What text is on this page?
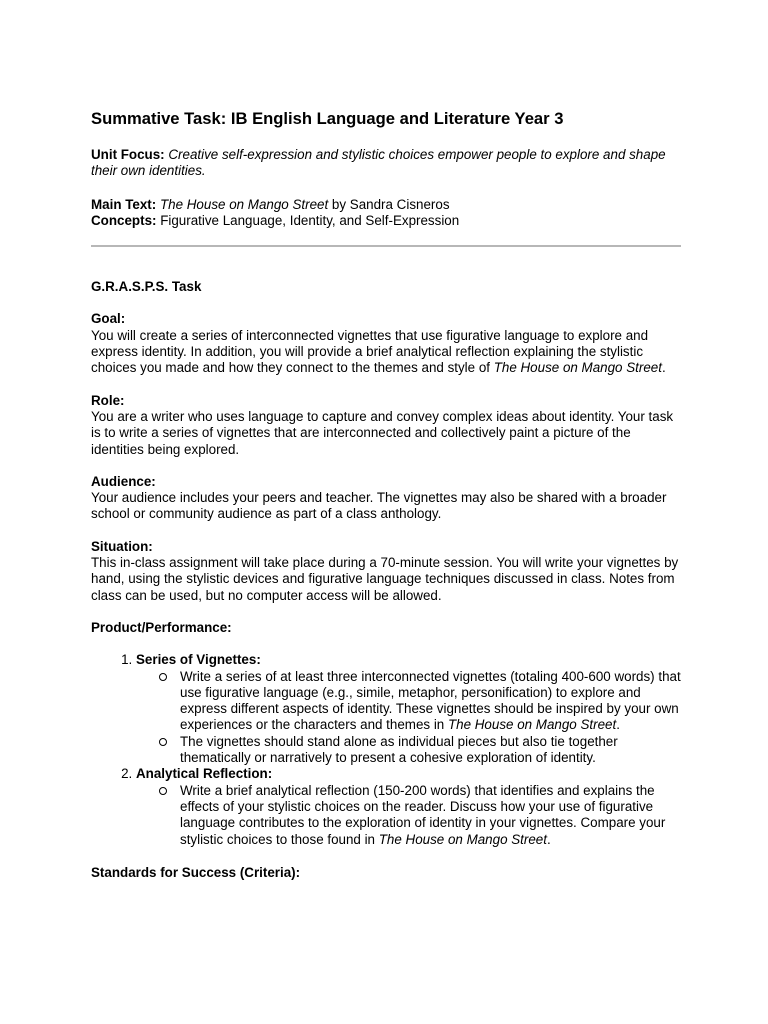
Summative Task: IB English Language and Literature Year 3

Unit Focus: Creative self-expression and stylistic choices empower people to explore and shape their own identities.

Main Text: The House on Mango Street by Sandra Cisneros

Concepts: Figurative Language, Identity, and Self-Expression

G.R.A.S.P.S. Task

Goal:

You will create a series of interconnected vignettes that use figurative language to explore and express identity. In addition, you will provide a brief analytical reflection explaining the stylistic choices you made and how they connect to the themes and style of The House on Mango Street.

Role:

You are a writer who uses language to capture and convey complex ideas about identity. Your task is to write a series of vignettes that are interconnected and collectively paint a picture of the identities being explored.

Audience:

Your audience includes your peers and teacher. The vignettes may also be shared with a broader school or community audience as part of a class anthology.

Situation:

This in-class assignment will take place during a 70-minute session. You will write your vignettes by hand, using the stylistic devices and figurative language techniques discussed in class. Notes from class can be used, but no computer access will be allowed.

Product/Performance:

1. Series of Vignettes:
Write a series of at least three interconnected vignettes (totaling 400-600 words) that use figurative language (e.g., simile, metaphor, personification) to explore and express different aspects of identity. These vignettes should be inspired by your own experiences or the characters and themes in The House on Mango Street.
The vignettes should stand alone as individual pieces but also tie together thematically or narratively to present a cohesive exploration of identity.
2. Analytical Reflection:
Write a brief analytical reflection (150-200 words) that identifies and explains the effects of your stylistic choices on the reader. Discuss how your use of figurative language contributes to the exploration of identity in your vignettes. Compare your stylistic choices to those found in The House on Mango Street.

Standards for Success (Criteria):
